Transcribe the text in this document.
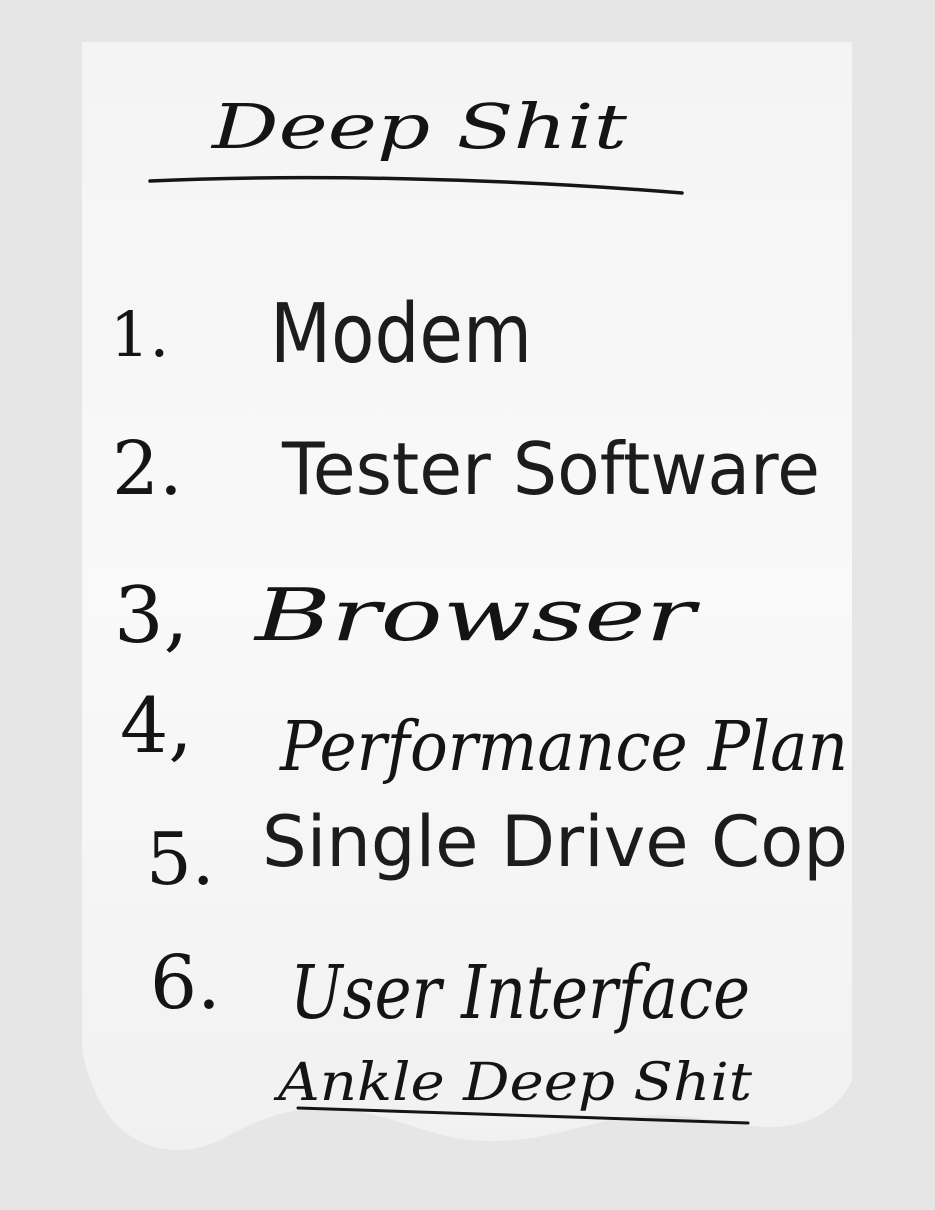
Deep Shit
1. Modem
2. Tester Software
3, Browser
4, Performance Plan
5. Single Drive Cop
6. User Interface
Ankle Deep Shit
